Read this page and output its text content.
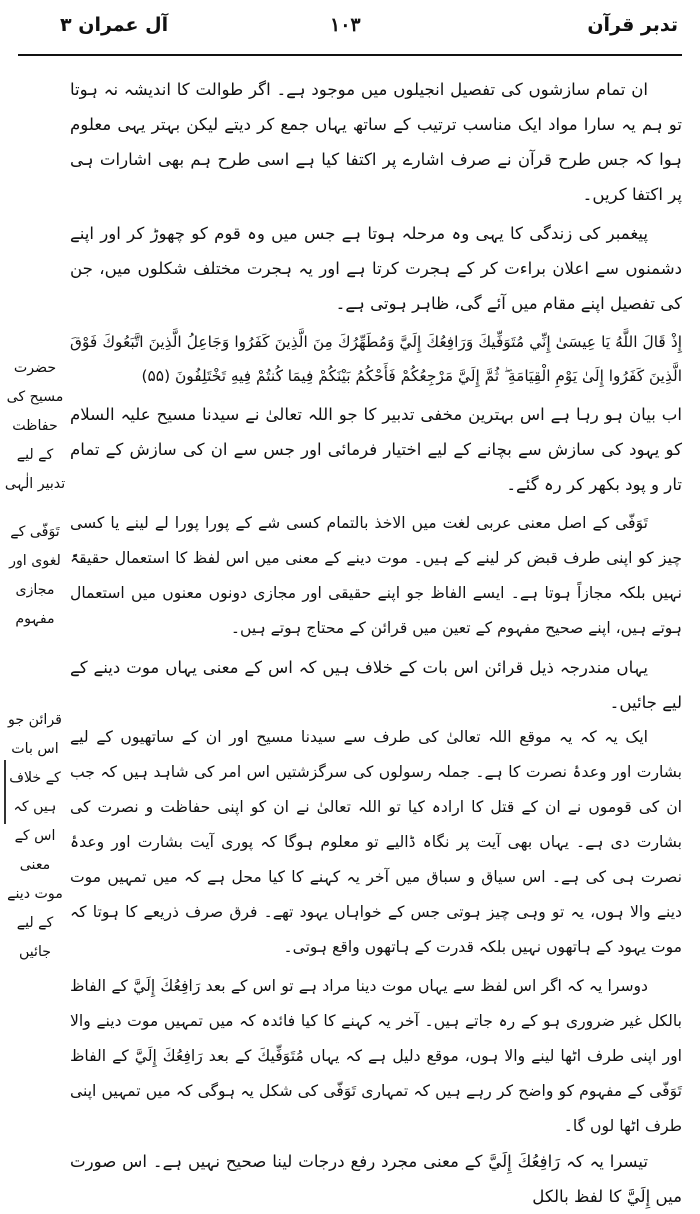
تدبر قرآن
۱۰۳
آل عمران ۳

ان تمام سازشوں کی تفصیل انجیلوں میں موجود ہے۔ اگر طوالت کا اندیشہ نہ ہوتا تو ہم یہ سارا مواد ایک مناسب ترتیب کے ساتھ یہاں جمع کر دیتے لیکن بہتر یہی معلوم ہوا کہ جس طرح قرآن نے صرف اشارے پر اکتفا کیا ہے اسی طرح ہم بھی اشارات ہی پر اکتفا کریں۔

پیغمبر کی زندگی کا یہی وہ مرحلہ ہوتا ہے جس میں وہ قوم کو چھوڑ کر اور اپنے دشمنوں سے اعلان براءت کر کے ہجرت کرتا ہے اور یہ ہجرت مختلف شکلوں میں، جن کی تفصیل اپنے مقام میں آئے گی، ظاہر ہوتی ہے۔

إِذْ قَالَ اللَّهُ يَا عِيسَىٰ إِنِّي مُتَوَفِّيكَ وَرَافِعُكَ إِلَيَّ وَمُطَهِّرُكَ مِنَ الَّذِينَ كَفَرُوا وَجَاعِلُ الَّذِينَ اتَّبَعُوكَ فَوْقَ الَّذِينَ كَفَرُوا إِلَىٰ يَوْمِ الْقِيَامَةِ ۖ ثُمَّ إِلَيَّ مَرْجِعُكُمْ فَأَحْكُمُ بَيْنَكُمْ فِيمَا كُنتُمْ فِيهِ تَخْتَلِفُونَ (۵۵)

اب بیان ہو رہا ہے اس بہترین مخفی تدبیر کا جو اللہ تعالیٰ نے سیدنا مسیح علیہ السلام کو یہود کی سازش سے بچانے کے لیے اختیار فرمائی اور جس سے ان کی سازش کے تمام تار و پود بکھر کر رہ گئے۔

تَوَفّی کے اصل معنی عربی لغت میں الاخذ بالتمام کسی شے کے پورا پورا لے لینے یا کسی چیز کو اپنی طرف قبض کر لینے کے ہیں۔ موت دینے کے معنی میں اس لفظ کا استعمال حقیقۃً نہیں بلکہ مجازاً ہوتا ہے۔ ایسے الفاظ جو اپنے حقیقی اور مجازی دونوں معنوں میں استعمال ہوتے ہیں، اپنے صحیح مفہوم کے تعین میں قرائن کے محتاج ہوتے ہیں۔

یہاں مندرجہ ذیل قرائن اس بات کے خلاف ہیں کہ اس کے معنی یہاں موت دینے کے لیے جائیں۔

ایک یہ کہ یہ موقع اللہ تعالیٰ کی طرف سے سیدنا مسیح اور ان کے ساتھیوں کے لیے بشارت اور وعدۂ نصرت کا ہے۔ جملہ رسولوں کی سرگزشتیں اس امر کی شاہد ہیں کہ جب ان کی قوموں نے ان کے قتل کا ارادہ کیا تو اللہ تعالیٰ نے ان کو اپنی حفاظت و نصرت کی بشارت دی ہے۔ یہاں بھی آیت پر نگاہ ڈالیے تو معلوم ہوگا کہ پوری آیت بشارت اور وعدۂ نصرت ہی کی ہے۔ اس سیاق و سباق میں آخر یہ کہنے کا کیا محل ہے کہ میں تمہیں موت دینے والا ہوں، یہ تو وہی چیز ہوتی جس کے خواہاں یہود تھے۔ فرق صرف ذریعے کا ہوتا کہ موت یہود کے ہاتھوں نہیں بلکہ قدرت کے ہاتھوں واقع ہوتی۔

دوسرا یہ کہ اگر اس لفظ سے یہاں موت دینا مراد ہے تو اس کے بعد رَافِعُكَ إِلَيَّ کے الفاظ بالکل غیر ضروری ہو کے رہ جاتے ہیں۔ آخر یہ کہنے کا کیا فائدہ کہ میں تمہیں موت دینے والا اور اپنی طرف اٹھا لینے والا ہوں، موقع دلیل ہے کہ یہاں مُتَوَفِّيكَ کے بعد رَافِعُكَ إِلَيَّ کے الفاظ تَوَفّی کے مفہوم کو واضح کر رہے ہیں کہ تمہاری تَوَفّی کی شکل یہ ہوگی کہ میں تمہیں اپنی طرف اٹھا لوں گا۔

تیسرا یہ کہ رَافِعُكَ إِلَيَّ کے معنی مجرد رفع درجات لینا صحیح نہیں ہے۔ اس صورت میں إِلَيَّ کا لفظ بالکل

حضرت مسیح کی حفاظت کے لیے تدبیر الٰہی
تَوَفّی کے لغوی اور مجازی مفہوم
قرائن جو اس بات کے خلاف ہیں کہ اس کے معنی موت دینے کے لیے جائیں
